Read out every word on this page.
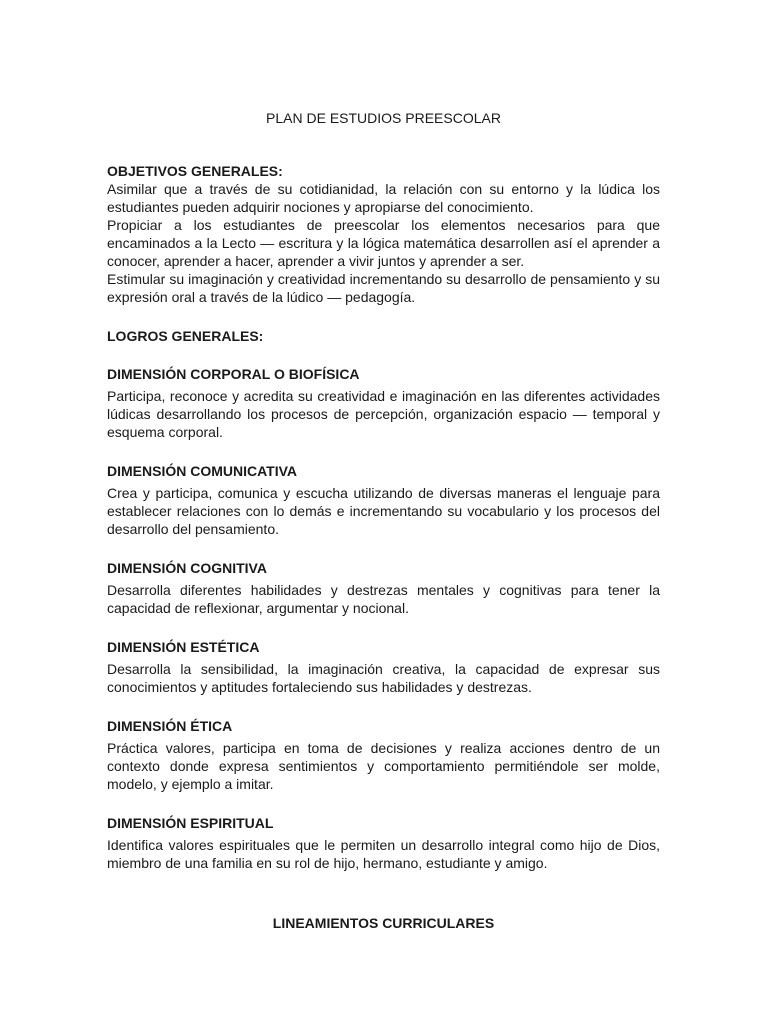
PLAN DE ESTUDIOS PREESCOLAR

OBJETIVOS GENERALES:

Asimilar que a través de su cotidianidad, la relación con su entorno y la lúdica los estudiantes pueden adquirir nociones y apropiarse del conocimiento.

Propiciar a los estudiantes de preescolar los elementos necesarios para que encaminados a la Lecto — escritura y la lógica matemática desarrollen así el aprender a conocer, aprender a hacer, aprender a vivir juntos y aprender a ser.

Estimular su imaginación y creatividad incrementando su desarrollo de pensamiento y su expresión oral a través de la lúdico — pedagogía.

LOGROS GENERALES:

DIMENSIÓN CORPORAL O BIOFÍSICA

Participa, reconoce y acredita su creatividad e imaginación en las diferentes actividades lúdicas desarrollando los procesos de percepción, organización espacio — temporal y esquema corporal.

DIMENSIÓN COMUNICATIVA

Crea y participa, comunica y escucha utilizando de diversas maneras el lenguaje para establecer relaciones con lo demás e incrementando su vocabulario y los procesos del desarrollo del pensamiento.

DIMENSIÓN COGNITIVA

Desarrolla diferentes habilidades y destrezas mentales y cognitivas para tener la capacidad de reflexionar, argumentar y nocional.

DIMENSIÓN ESTÉTICA

Desarrolla la sensibilidad, la imaginación creativa, la capacidad de expresar sus conocimientos y aptitudes fortaleciendo sus habilidades y destrezas.

DIMENSIÓN ÉTICA

Práctica valores, participa en toma de decisiones y realiza acciones dentro de un contexto donde expresa sentimientos y comportamiento permitiéndole ser molde, modelo, y ejemplo a imitar.

DIMENSIÓN ESPIRITUAL

Identifica valores espirituales que le permiten un desarrollo integral como hijo de Dios, miembro de una familia en su rol de hijo, hermano, estudiante y amigo.

LINEAMIENTOS CURRICULARES
